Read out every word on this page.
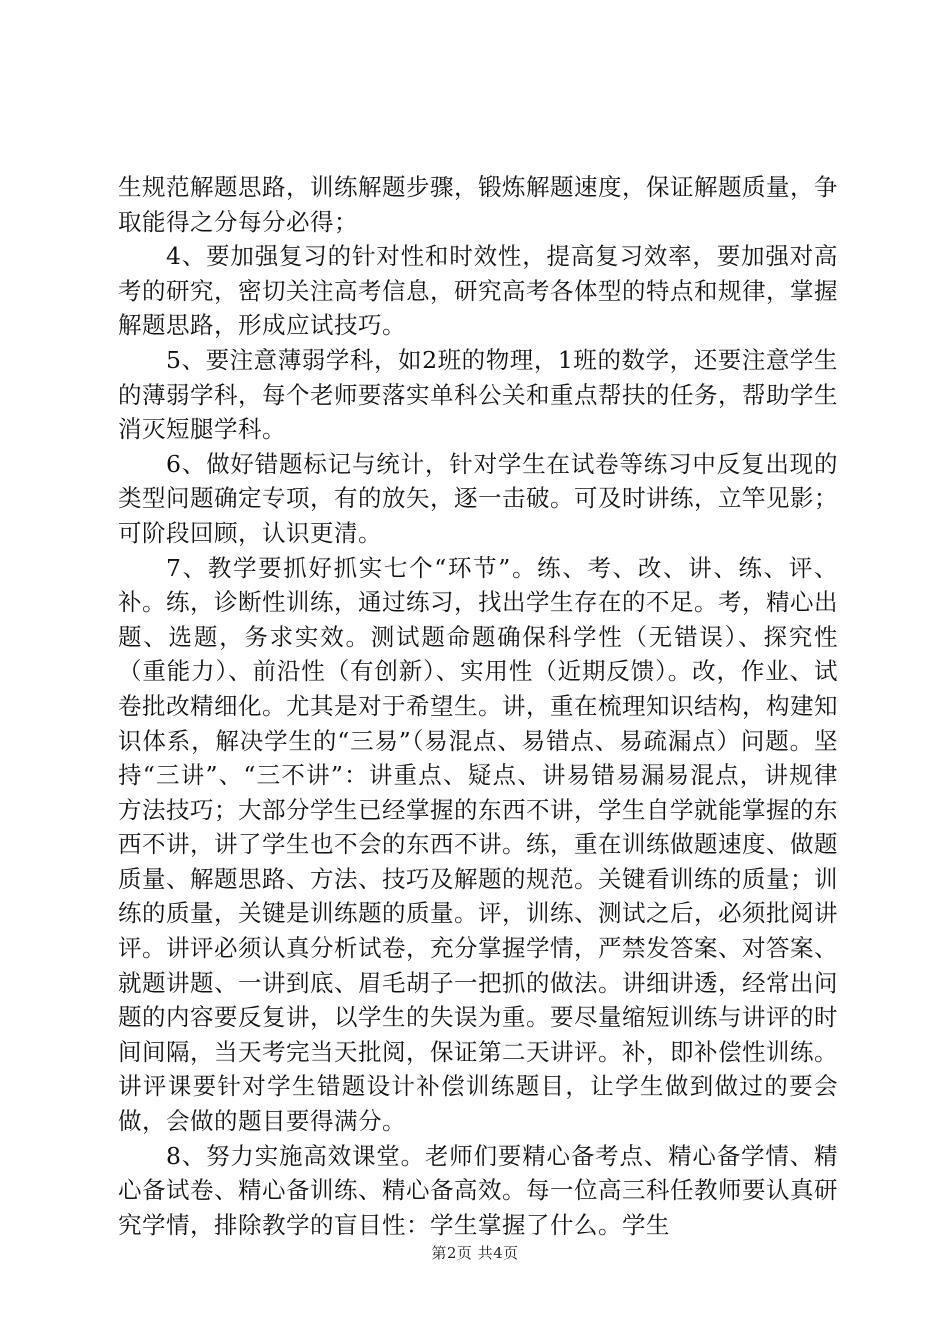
生规范解题思路，训练解题步骤，锻炼解题速度，保证解题质量，争取能得之分每分必得；

4、要加强复习的针对性和时效性，提高复习效率，要加强对高考的研究，密切关注高考信息，研究高考各体型的特点和规律，掌握解题思路，形成应试技巧。

5、要注意薄弱学科，如2班的物理，1班的数学，还要注意学生的薄弱学科，每个老师要落实单科公关和重点帮扶的任务，帮助学生消灭短腿学科。

6、做好错题标记与统计，针对学生在试卷等练习中反复出现的类型问题确定专项，有的放矢，逐一击破。可及时讲练，立竿见影；可阶段回顾，认识更清。

7、教学要抓好抓实七个“环节”。练、考、改、讲、练、评、补。练，诊断性训练，通过练习，找出学生存在的不足。考，精心出题、选题，务求实效。测试题命题确保科学性（无错误）、探究性（重能力）、前沿性（有创新）、实用性（近期反馈）。改，作业、试卷批改精细化。尤其是对于希望生。讲，重在梳理知识结构，构建知识体系，解决学生的“三易”（易混点、易错点、易疏漏点）问题。坚持“三讲”、“三不讲”：讲重点、疑点、讲易错易漏易混点，讲规律方法技巧；大部分学生已经掌握的东西不讲，学生自学就能掌握的东西不讲，讲了学生也不会的东西不讲。练，重在训练做题速度、做题质量、解题思路、方法、技巧及解题的规范。关键看训练的质量；训练的质量，关键是训练题的质量。评，训练、测试之后，必须批阅讲评。讲评必须认真分析试卷，充分掌握学情，严禁发答案、对答案、就题讲题、一讲到底、眉毛胡子一把抓的做法。讲细讲透，经常出问题的内容要反复讲，以学生的失误为重。要尽量缩短训练与讲评的时间间隔，当天考完当天批阅，保证第二天讲评。补，即补偿性训练。讲评课要针对学生错题设计补偿训练题目，让学生做到做过的要会做，会做的题目要得满分。

8、努力实施高效课堂。老师们要精心备考点、精心备学情、精心备试卷、精心备训练、精心备高效。每一位高三科任教师要认真研究学情，排除教学的盲目性：学生掌握了什么。学生

第2页 共4页
